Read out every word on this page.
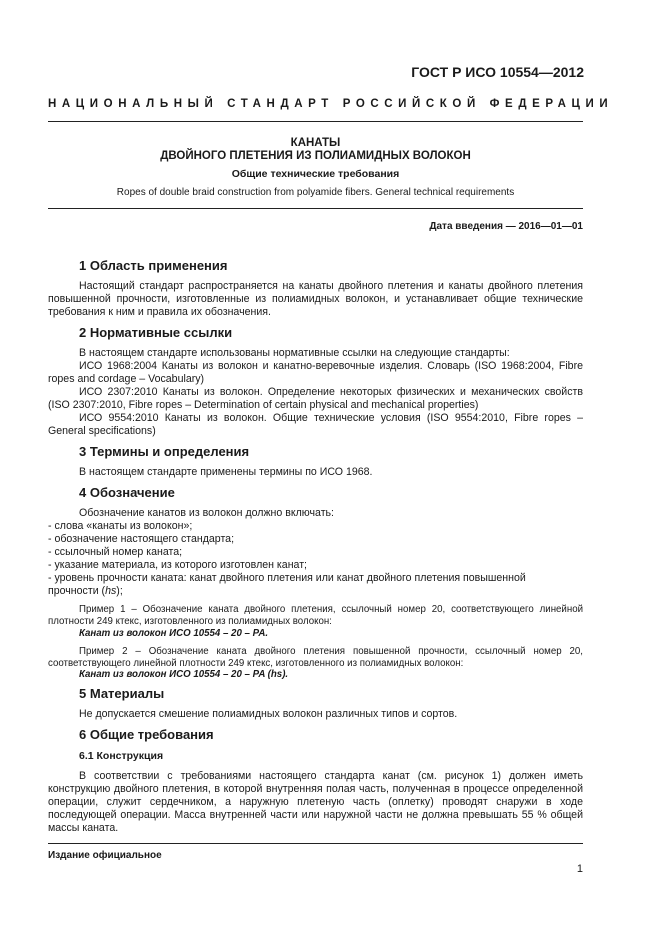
ГОСТ Р ИСО 10554—2012
НАЦИОНАЛЬНЫЙ СТАНДАРТ РОССИЙСКОЙ ФЕДЕРАЦИИ
КАНАТЫ
ДВОЙНОГО ПЛЕТЕНИЯ ИЗ ПОЛИАМИДНЫХ ВОЛОКОН
Общие технические требования
Ropes of double braid construction from polyamide fibers. General technical requirements
Дата введения — 2016—01—01
1 Область применения

Настоящий стандарт распространяется на канаты двойного плетения и канаты двойного плетения повышенной прочности, изготовленные из полиамидных волокон, и устанавливает общие технические требования к ним и правила их обозначения.

2 Нормативные ссылки

В настоящем стандарте использованы нормативные ссылки на следующие стандарты:

ИСО 1968:2004 Канаты из волокон и канатно-веревочные изделия. Словарь (ISO 1968:2004, Fibre ropes and cordage – Vocabulary)

ИСО 2307:2010 Канаты из волокон. Определение некоторых физических и механических свойств (ISO 2307:2010, Fibre ropes – Determination of certain physical and mechanical properties)

ИСО 9554:2010 Канаты из волокон. Общие технические условия (ISO 9554:2010, Fibre ropes – General specifications)

3 Термины и определения

В настоящем стандарте применены термины по ИСО 1968.

4 Обозначение

Обозначение канатов из волокон должно включать:

- слова «канаты из волокон»;
- обозначение настоящего стандарта;
- ссылочный номер каната;
- указание материала, из которого изготовлен канат;
- уровень прочности каната: канат двойного плетения или канат двойного плетения повышенной
прочности (hs);

Пример 1 – Обозначение каната двойного плетения, ссылочный номер 20, соответствующего линейной плотности 249 ктекс, изготовленного из полиамидных волокон:

Канат из волокон ИСО 10554 – 20 – PA.

Пример 2 – Обозначение каната двойного плетения повышенной прочности, ссылочный номер 20, соответствующего линейной плотности 249 ктекс, изготовленного из полиамидных волокон:

Канат из волокон ИСО 10554 – 20 – PA (hs).
5 Материалы

Не допускается смешение полиамидных волокон различных типов и сортов.

6 Общие требования
6.1 Конструкция

В соответствии с требованиями настоящего стандарта канат (см. рисунок 1) должен иметь конструкцию двойного плетения, в которой внутренняя полая часть, полученная в процессе определенной операции, служит сердечником, а наружную плетеную часть (оплетку) проводят снаружи в ходе последующей операции. Масса внутренней части или наружной части не должна превышать 55 % общей массы каната.

Издание официальное
1
